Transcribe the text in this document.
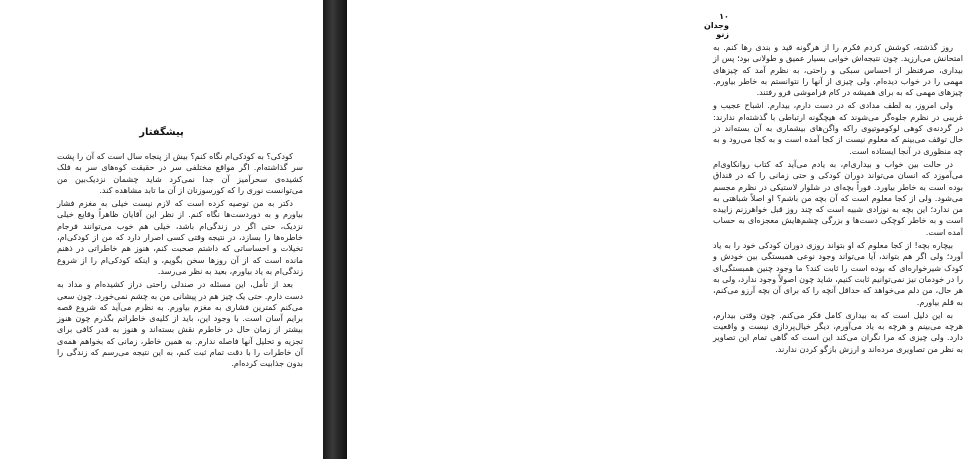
پیشگفتار

کودکی؟ به کودکی‌ام نگاه کنم؟ بیش از پنجاه سال است که آن را پشت سر گذاشته‌ام. اگر مواقع مختلفی سر در حقیقت کوه‌های سر به فلک کشیده‌ی سحرآمیز آن جدا نمی‌کرد شاید چشمان نزدیک‌بین من می‌توانست نوری را که کورسوزنان از آن ما تابد مشاهده کند.

دکتر به من توصیه کرده است که لازم نیست خیلی به مغزم فشار بیاورم و به دوردست‌ها نگاه کنم. از نظر این آقایان ظاهراً وقایع خیلی نزدیک، حتی اگر در زندگی‌ام باشد، خیلی هم خوب می‌توانند فرجام خاطره‌ها را بسازد، در نتیجه وقتی کسی اصرار دارد که من از کودکی‌ام، تخیلات و احساساتی که داشتم صحبت کنم، هنوز هم خاطراتی در ذهنم مانده است که از آن روزها سخن بگویم، و اینکه کودکی‌ام را از شروع زندگی‌ام به یاد بیاورم، بعید به نظر می‌رسد.

بعد از تأمل، این مسئله در صندلی راحتی دراز کشیده‌ام و مداد به دست دارم. حتی یک چیز هم در پیشانی من به چشم نمی‌خورد. چون سعی می‌کنم کمترین فشاری به مغزم بیاورم. به نظرم می‌آید که شروع قصه برایم آسان است. با وجود این، باید از کلیه‌ی خاطراتم بگذرم چون هنوز بیشتر از زمان حال در خاطرم نقش بسته‌اند و هنوز به قدر کافی برای تجزیه و تحلیل آنها فاصله ندارم. به همین خاطر، زمانی که بخواهم همه‌ی آن خاطرات را با دقت تمام ثبت کنم، به این نتیجه می‌رسم که زندگی را بدون جذابیت کرده‌ام.

۱۰ وجدان زنو

روز گذشته، کوشش کردم فکرم را از هرگونه قید و بندی رها کنم. به امتحانش می‌ارزید. چون نتیجه‌اش خوابی بسیار عمیق و طولانی بود؛ پس از بیداری، صرفنظر از احساس سبکی و راحتی، به نظرم آمد که چیزهای مهمی را در خواب دیده‌ام. ولی چیزی از آنها را نتوانستم به خاطر بیاورم. چیزهای مهمی که به برای همیشه در کام فراموشی فرو رفتند.

ولی امروز، به لطف مدادی که در دست دارم، بیدارم. اشباح عجیب و غریبی در نظرم جلوه‌گر می‌شوند که هیچگونه ارتباطی با گذشته‌ام ندارند: در گردنه‌ی کوهی لوکوموتیوی راکه واگن‌های بیشماری به آن بسته‌اند در حال توقف می‌بینم که معلوم نیست از کجا آمده است و به کجا می‌رود و به چه منظوری در آنجا ایستاده است.

در حالت بین خواب و بیداری‌ام، به یادم می‌آید که کتاب روانکاوی‌ام می‌آموزد که انسان می‌تواند دوران کودکی و حتی زمانی را که در قنداق بوده است به خاطر بیاورد. فوراً بچه‌ای در شلوار لاستیکی در نظرم مجسم می‌شود. ولی از کجا معلوم است که آن بچه من باشم؟ او اصلاً شباهتی به من ندارد؛ این بچه به نوزادی شبیه است که چند روز قبل خواهرزنم زاییده است و به خاطر کوچکی دست‌ها و بزرگی چشم‌هایش معجزه‌ای به حساب آمده است.

بیچاره بچه! از کجا معلوم که او بتواند روزی دوران کودکی خود را به یاد آورد؛ ولی اگر هم بتواند، آیا می‌تواند وجود نوعی همبستگی بین خودش و کودک شیرخواره‌ای که بوده است را ثابت کند؟ ما وجود چنین همبستگی‌ای را در خودمان نیز نمی‌توانیم ثابت کنیم، شاید چون اصولاً وجود ندارد، ولی به هر حال، من دلم می‌خواهد که حداقل آنچه را که برای آن بچه آرزو می‌کنم، به قلم بیاورم.

به این دلیل است که به بیداری کامل فکر می‌کنم. چون وقتی بیدارم، هرچه می‌بینم و هرچه به یاد می‌آورم، دیگر خیال‌پردازی نیست و واقعیت دارد. ولی چیزی که مرا نگران می‌کند این است که گاهی تمام این تصاویر به نظر من تصاویری مرده‌اند و ارزش بازگو کردن ندارند.
